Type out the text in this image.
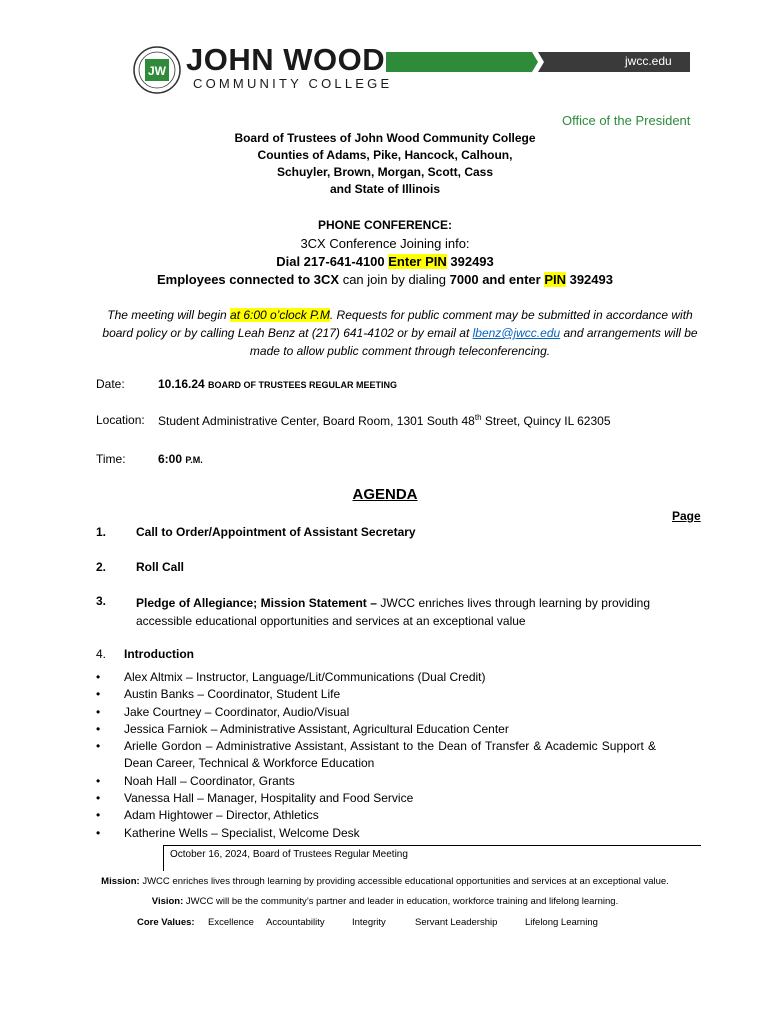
JW JOHN WOOD
COMMUNITY COLLEGE
jwcc.edu
Office of the President
Board of Trustees of John Wood Community College
Counties of Adams, Pike, Hancock, Calhoun,
Schuyler, Brown, Morgan, Scott, Cass
and State of Illinois
PHONE CONFERENCE:
3CX Conference Joining info:
Dial 217-641-4100 Enter PIN 392493
Employees connected to 3CX can join by dialing 7000 and enter PIN 392493
The meeting will begin at 6:00 o’clock P.M. Requests for public comment may be submitted in accordance with board policy or by calling Leah Benz at (217) 641-4102 or by email at lbenz@jwcc.edu and arrangements will be made to allow public comment through teleconferencing.
Date:	10.16.24 BOARD OF TRUSTEES REGULAR MEETING
Location: Student Administrative Center, Board Room, 1301 South 48th Street, Quincy IL 62305
Time:	6:00 P.M.
AGENDA
Page
1. Call to Order/Appointment of Assistant Secretary
2. Roll Call
3. Pledge of Allegiance; Mission Statement – JWCC enriches lives through learning by providing accessible educational opportunities and services at an exceptional value
4. Introduction
• Alex Altmix – Instructor, Language/Lit/Communications (Dual Credit)
• Austin Banks – Coordinator, Student Life
• Jake Courtney – Coordinator, Audio/Visual
• Jessica Farniok – Administrative Assistant, Agricultural Education Center
• Arielle Gordon – Administrative Assistant, Assistant to the Dean of Transfer & Academic Support & Dean Career, Technical & Workforce Education
• Noah Hall – Coordinator, Grants
• Vanessa Hall – Manager, Hospitality and Food Service
• Adam Hightower – Director, Athletics
• Katherine Wells – Specialist, Welcome Desk
October 16, 2024, Board of Trustees Regular Meeting
Mission: JWCC enriches lives through learning by providing accessible educational opportunities and services at an exceptional value.
Vision: JWCC will be the community’s partner and leader in education, workforce training and lifelong learning.
Core Values: Excellence Accountability	Integrity	Servant Leadership	Lifelong Learning
